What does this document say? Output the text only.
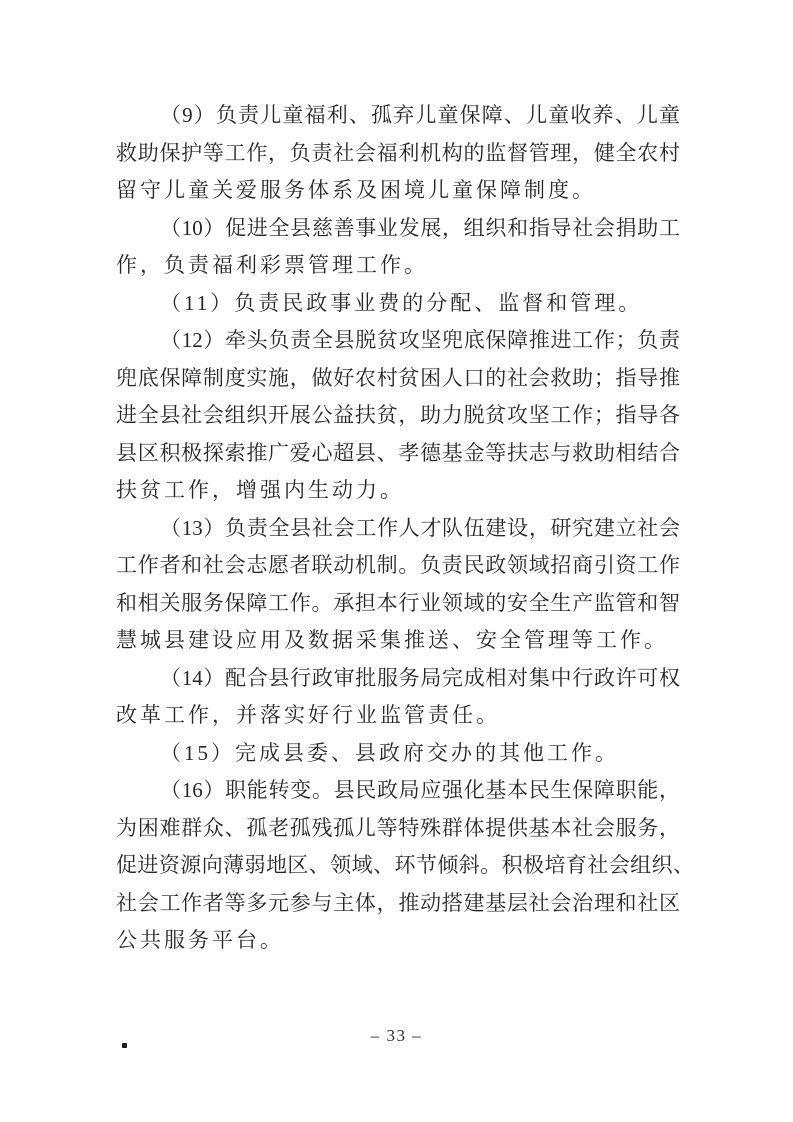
（9）负责儿童福利、孤弃儿童保障、儿童收养、儿童
救助保护等工作，负责社会福利机构的监督管理，健全农村
留守儿童关爱服务体系及困境儿童保障制度。
（10）促进全县慈善事业发展，组织和指导社会捐助工
作，负责福利彩票管理工作。
（11）负责民政事业费的分配、监督和管理。
（12）牵头负责全县脱贫攻坚兜底保障推进工作；负责
兜底保障制度实施，做好农村贫困人口的社会救助；指导推
进全县社会组织开展公益扶贫，助力脱贫攻坚工作；指导各
县区积极探索推广爱心超县、孝德基金等扶志与救助相结合
扶贫工作，增强内生动力。
（13）负责全县社会工作人才队伍建设，研究建立社会
工作者和社会志愿者联动机制。负责民政领域招商引资工作
和相关服务保障工作。承担本行业领域的安全生产监管和智
慧城县建设应用及数据采集推送、安全管理等工作。
（14）配合县行政审批服务局完成相对集中行政许可权
改革工作，并落实好行业监管责任。
（15）完成县委、县政府交办的其他工作。
（16）职能转变。县民政局应强化基本民生保障职能，
为困难群众、孤老孤残孤儿等特殊群体提供基本社会服务，
促进资源向薄弱地区、领域、环节倾斜。积极培育社会组织、
社会工作者等多元参与主体，推动搭建基层社会治理和社区
公共服务平台。
– 33 –
